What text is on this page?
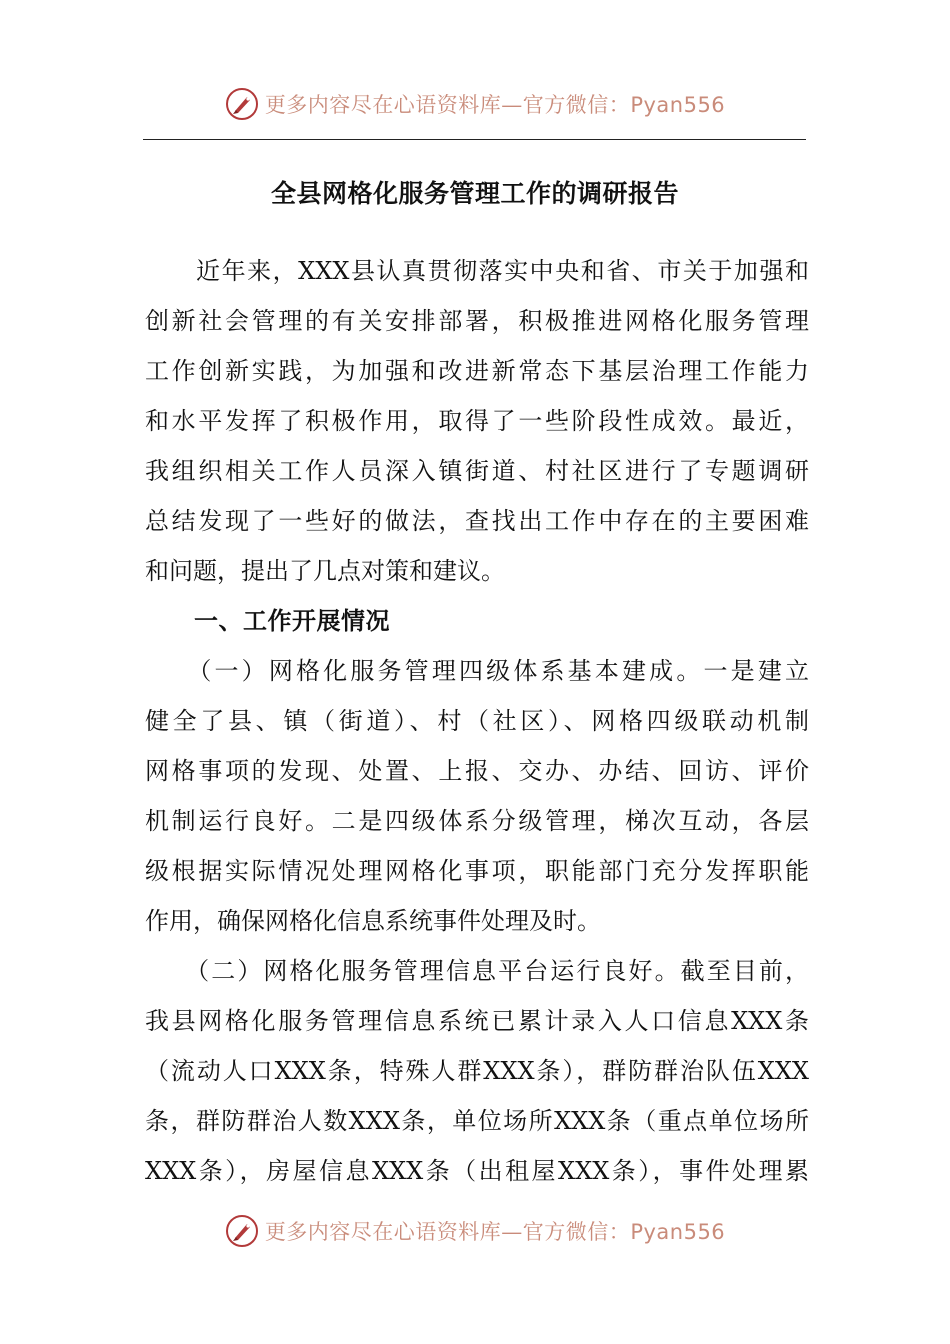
更多内容尽在心语资料库—官方微信：Pyan556
全县网格化服务管理工作的调研报告
　　近年来，XXX县认真贯彻落实中央和省、市关于加强和
创新社会管理的有关安排部署，积极推进网格化服务管理
工作创新实践，为加强和改进新常态下基层治理工作能力
和水平发挥了积极作用，取得了一些阶段性成效。最近，
我组织相关工作人员深入镇街道、村社区进行了专题调研
总结发现了一些好的做法，查找出工作中存在的主要困难
和问题，提出了几点对策和建议。
　　一、工作开展情况
　　（一）网格化服务管理四级体系基本建成。一是建立
健全了县、镇（街道）、村（社区）、网格四级联动机制
网格事项的发现、处置、上报、交办、办结、回访、评价
机制运行良好。二是四级体系分级管理，梯次互动，各层
级根据实际情况处理网格化事项，职能部门充分发挥职能
作用，确保网格化信息系统事件处理及时。
　　（二）网格化服务管理信息平台运行良好。截至目前，
我县网格化服务管理信息系统已累计录入人口信息XXX条
（流动人口XXX条，特殊人群XXX条），群防群治队伍XXX
条，群防群治人数XXX条，单位场所XXX条（重点单位场所
XXX条），房屋信息XXX条（出租屋XXX条），事件处理累
更多内容尽在心语资料库—官方微信：Pyan556
